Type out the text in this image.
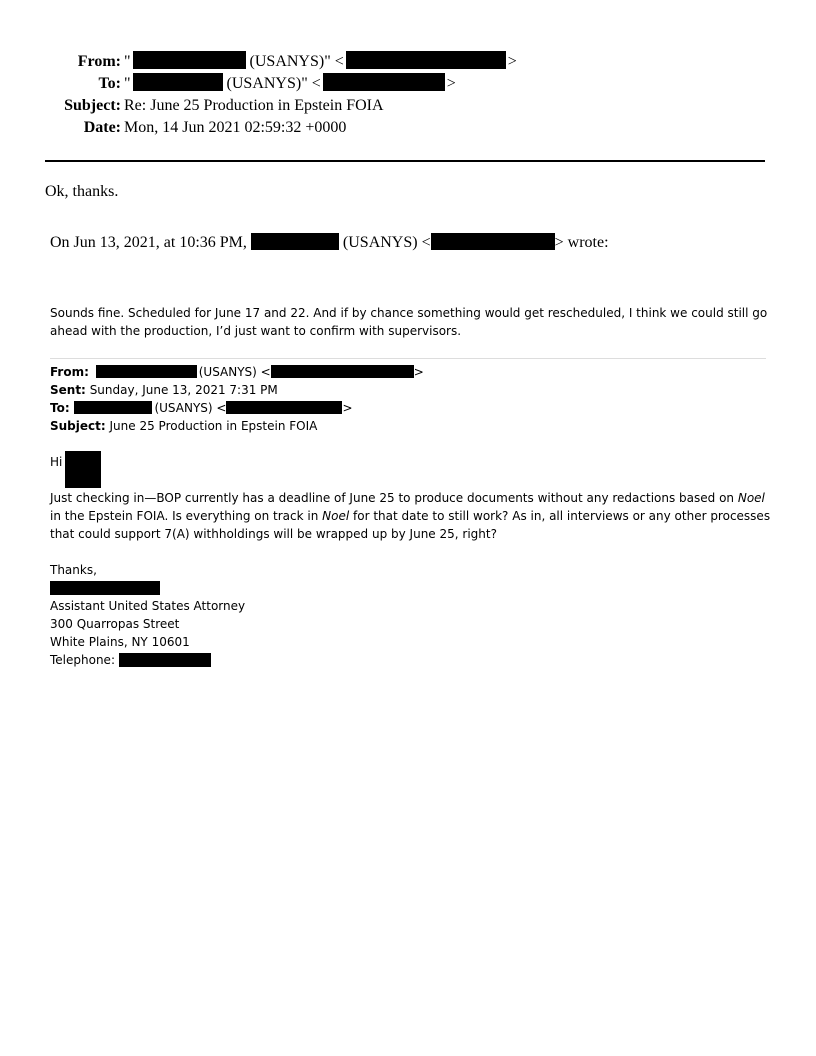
From: "	(USANYS)" <	>
To: "	(USANYS)" <	>
Subject: Re: June 25 Production in Epstein FOIA
Date: Mon, 14 Jun 2021 02:59:32 +0000
Ok, thanks.
On Jun 13, 2021, at 10:36 PM,	(USANYS) <	> wrote:
Sounds fine. Scheduled for June 17 and 22. And if by chance something would get rescheduled, I think we could still go
ahead with the production, I’d just want to confirm with supervisors.
From:	(USANYS) <	>
Sent: Sunday, June 13, 2021 7:31 PM
To:	(USANYS) <	>
Subject: June 25 Production in Epstein FOIA
Hi
Just checking in—BOP currently has a deadline of June 25 to produce documents without any redactions based on Noel
in the Epstein FOIA. Is everything on track in Noel for that date to still work? As in, all interviews or any other processes
that could support 7(A) withholdings will be wrapped up by June 25, right?
Thanks,
Assistant United States Attorney
300 Quarropas Street
White Plains, NY 10601
Telephone:
